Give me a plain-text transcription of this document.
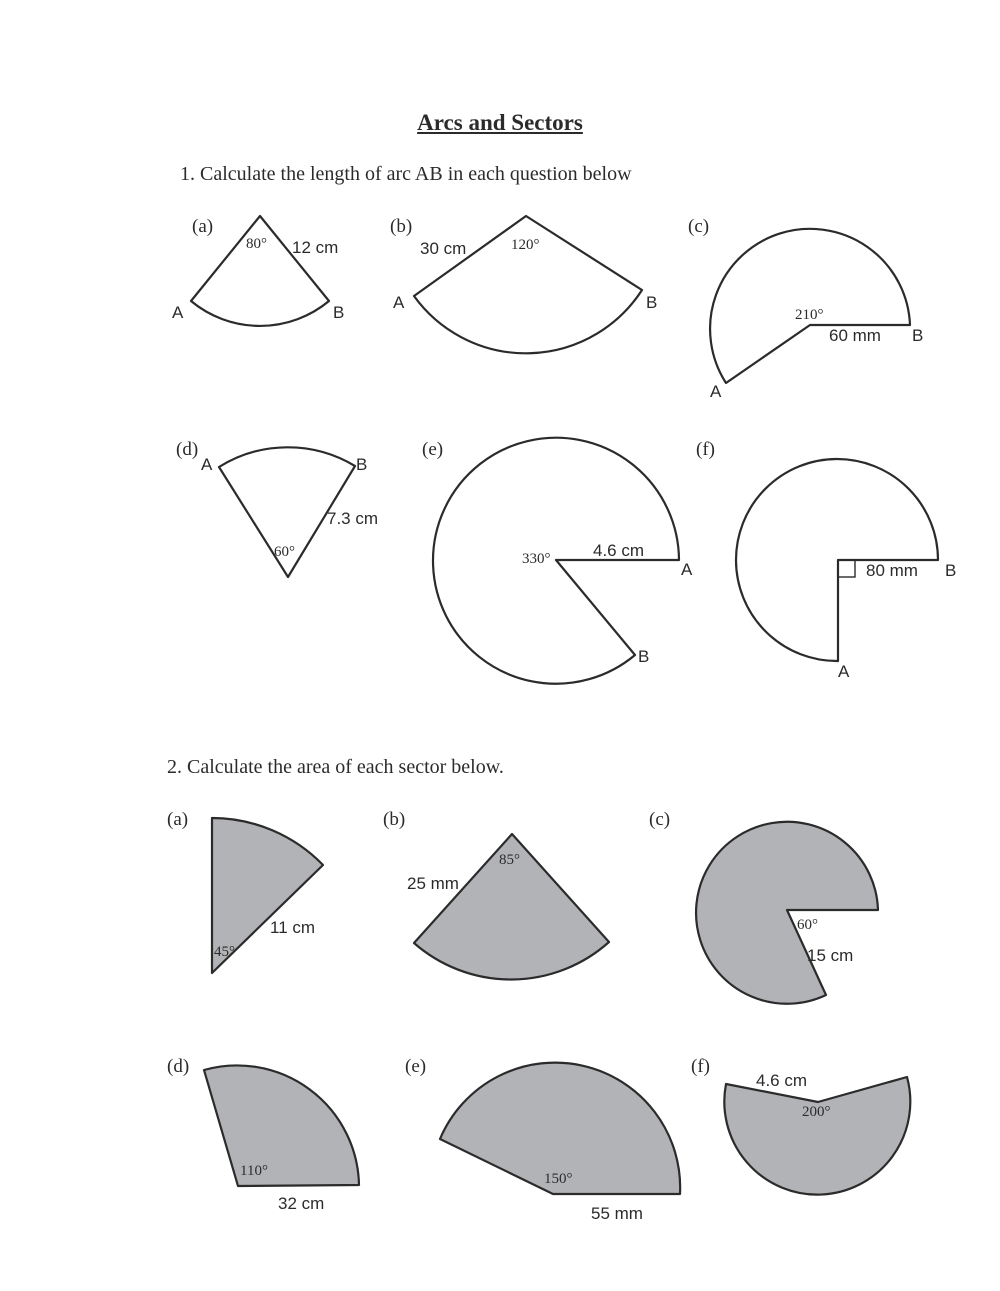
Arcs and Sectors
1. Calculate the length of arc AB in each question below
2. Calculate the area of each sector below.
(a)
80° 12 cm
A	B
(b)
120°
30 cm
A	B
(c)
210°
60 mm
A
B
(d)
60°
7.3 cm
A	B
(e)
330°	4.6 cm
A
B
(f)
80 mm
A
B
(a)
45°
11 cm
(b)
85°
25 mm
(c)
60°
15 cm
(d)
110°
32 cm
(e)
150°
55 mm
(f)
200°
4.6 cm
